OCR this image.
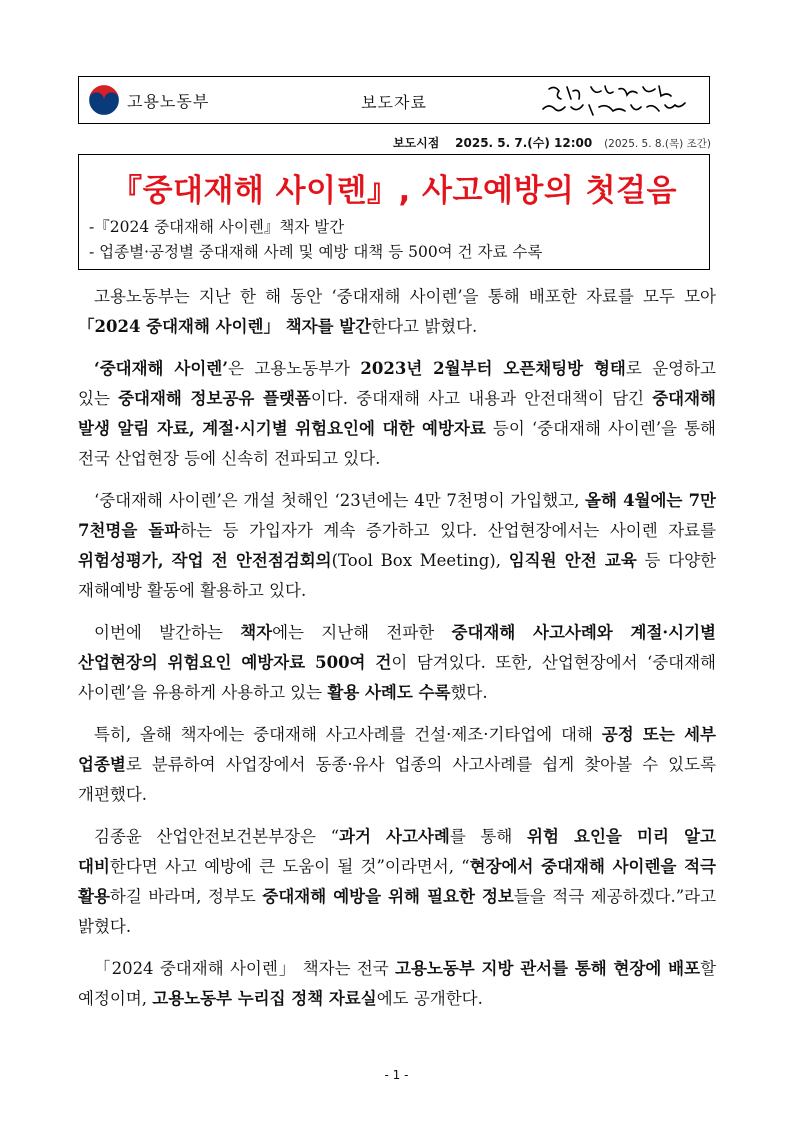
고용노동부	보도자료
보도시점 2025. 5. 7.(수) 12:00 (2025. 5. 8.(목) 조간)
『중대재해 사이렌』, 사고예방의 첫걸음
-『2024 중대재해 사이렌』책자 발간
- 업종별·공정별 중대재해 사례 및 예방 대책 등 500여 건 자료 수록

고용노동부는 지난 한 해 동안 ‘중대재해 사이렌’을 통해 배포한 자료를 모두 모아 「2024 중대재해 사이렌」 책자를 발간한다고 밝혔다.

‘중대재해 사이렌’은 고용노동부가 2023년 2월부터 오픈채팅방 형태로 운영하고 있는 중대재해 정보공유 플랫폼이다. 중대재해 사고 내용과 안전대책이 담긴 중대재해 발생 알림 자료, 계절·시기별 위험요인에 대한 예방자료 등이 ‘중대재해 사이렌’을 통해 전국 산업현장 등에 신속히 전파되고 있다.

‘중대재해 사이렌’은 개설 첫해인 ‘23년에는 4만 7천명이 가입했고, 올해 4월에는 7만 7천명을 돌파하는 등 가입자가 계속 증가하고 있다. 산업현장에서는 사이렌 자료를 위험성평가, 작업 전 안전점검회의(Tool Box Meeting), 임직원 안전 교육 등 다양한 재해예방 활동에 활용하고 있다.

이번에 발간하는 책자에는 지난해 전파한 중대재해 사고사례와 계절·시기별 산업현장의 위험요인 예방자료 500여 건이 담겨있다. 또한, 산업현장에서 ‘중대재해 사이렌’을 유용하게 사용하고 있는 활용 사례도 수록했다.

특히, 올해 책자에는 중대재해 사고사례를 건설·제조·기타업에 대해 공정 또는 세부 업종별로 분류하여 사업장에서 동종·유사 업종의 사고사례를 쉽게 찾아볼 수 있도록 개편했다.

김종윤 산업안전보건본부장은 “과거 사고사례를 통해 위험 요인을 미리 알고 대비한다면 사고 예방에 큰 도움이 될 것”이라면서, “현장에서 중대재해 사이렌을 적극 활용하길 바라며, 정부도 중대재해 예방을 위해 필요한 정보들을 적극 제공하겠다.”라고 밝혔다.

「2024 중대재해 사이렌」 책자는 전국 고용노동부 지방 관서를 통해 현장에 배포할 예정이며, 고용노동부 누리집 정책 자료실에도 공개한다.

- 1 -
